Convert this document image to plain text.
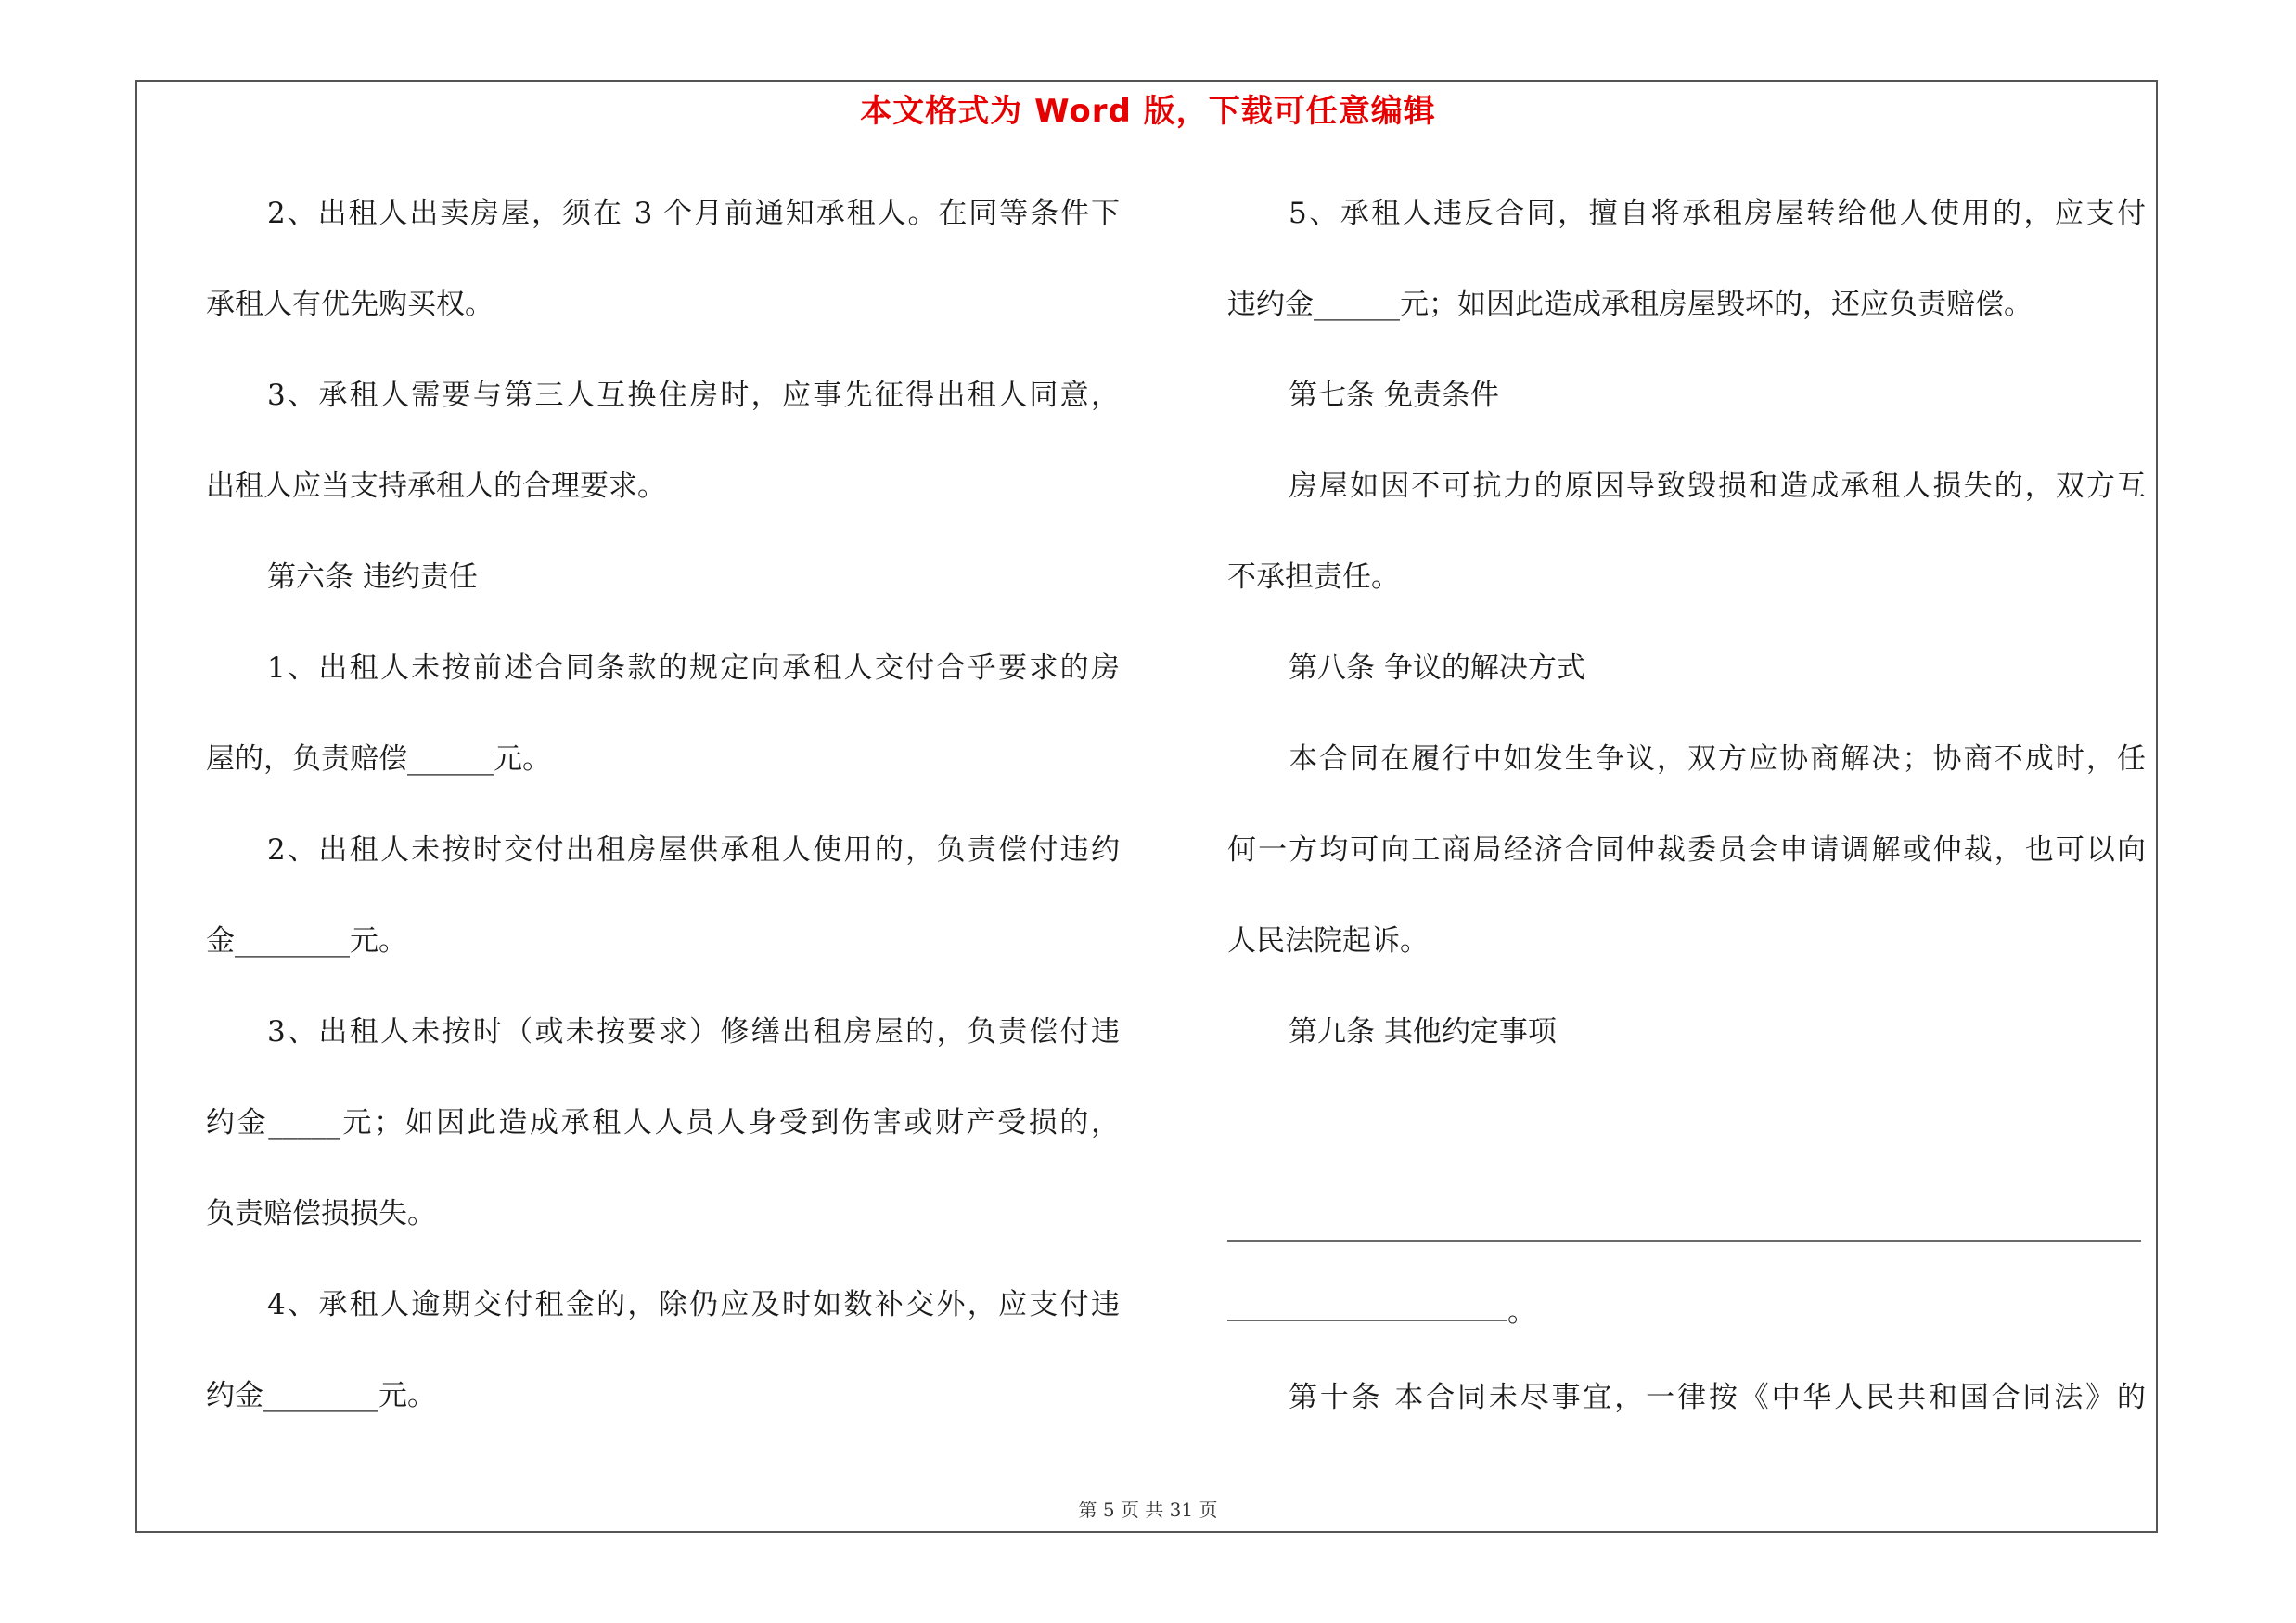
本文格式为 Word 版，下载可任意编辑
2、出租人出卖房屋，须在 3 个月前通知承租人。在同等条件下
承租人有优先购买权。
3、承租人需要与第三人互换住房时，应事先征得出租人同意，
出租人应当支持承租人的合理要求。
第六条 违约责任
1、出租人未按前述合同条款的规定向承租人交付合乎要求的房
屋的，负责赔偿______元。
2、出租人未按时交付出租房屋供承租人使用的，负责偿付违约
金________元。
3、出租人未按时（或未按要求）修缮出租房屋的，负责偿付违
约金_____元；如因此造成承租人人员人身受到伤害或财产受损的，
负责赔偿损损失。
4、承租人逾期交付租金的，除仍应及时如数补交外，应支付违
约金________元。
5、承租人违反合同，擅自将承租房屋转给他人使用的，应支付
违约金______元；如因此造成承租房屋毁坏的，还应负责赔偿。
第七条 免责条件
房屋如因不可抗力的原因导致毁损和造成承租人损失的，双方互
不承担责任。
第八条 争议的解决方式
本合同在履行中如发生争议，双方应协商解决；协商不成时，任
何一方均可向工商局经济合同仲裁委员会申请调解或仲裁，也可以向
人民法院起诉。
第九条 其他约定事项
。
第十条 本合同未尽事宜，一律按《中华人民共和国合同法》的
第 5 页 共 31 页
